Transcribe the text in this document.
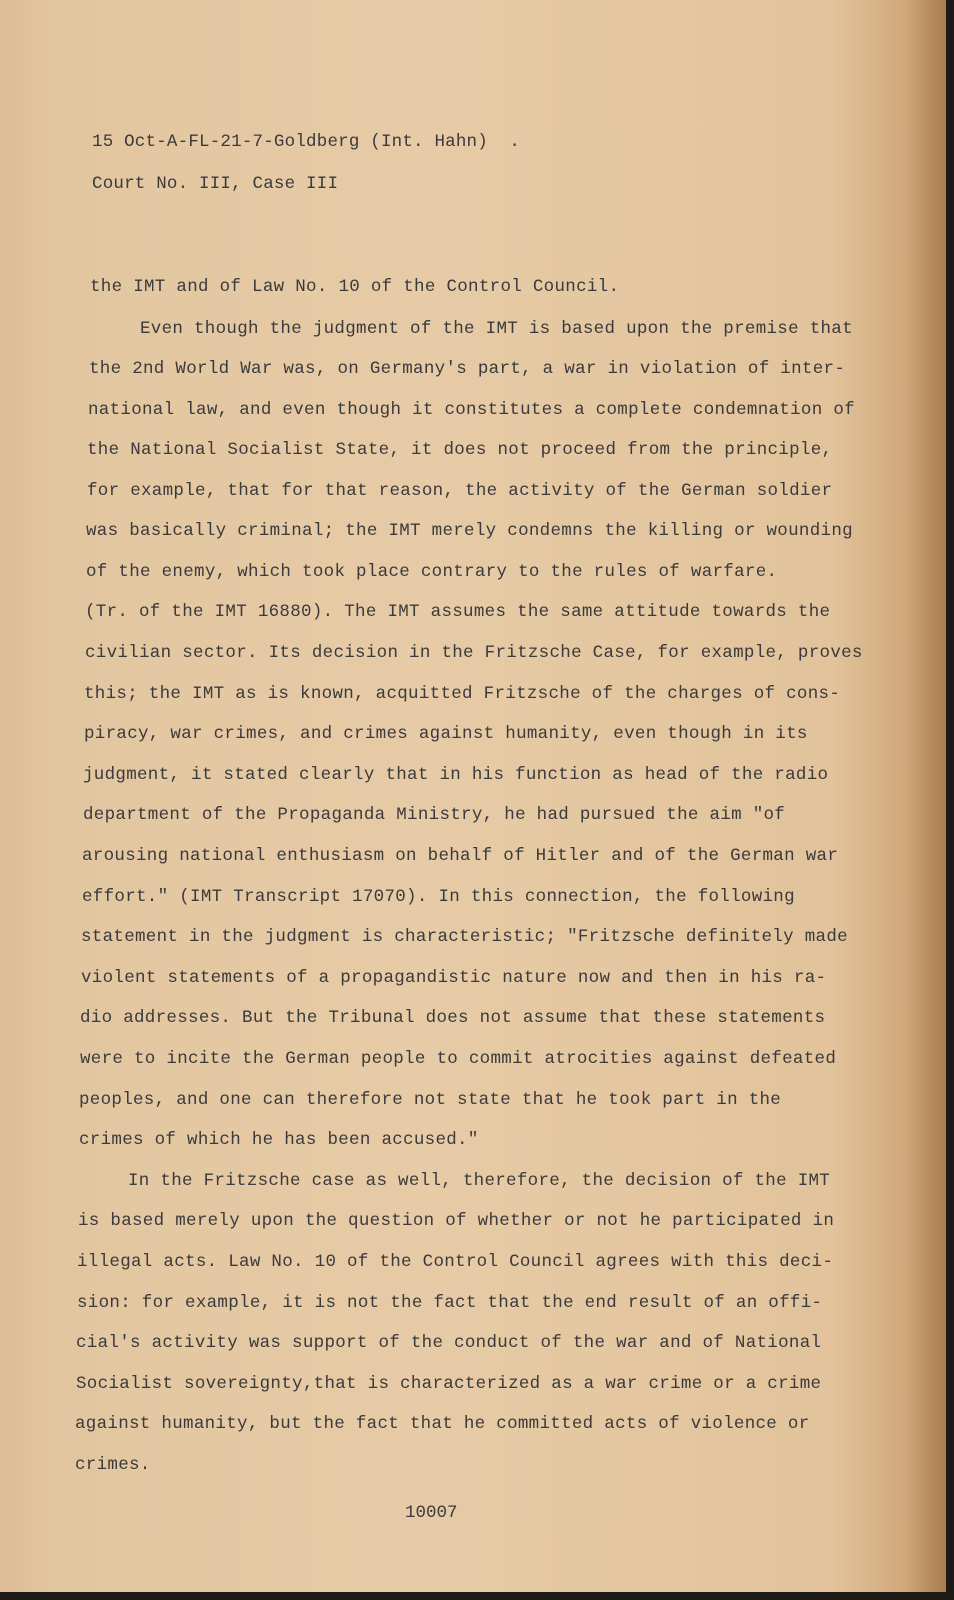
15 Oct-A-FL-21-7-Goldberg (Int. Hahn)  .
Court No. III, Case III
the IMT and of Law No. 10 of the Control Council.
Even though the judgment of the IMT is based upon the premise that
the 2nd World War was, on Germany's part, a war in violation of inter-
national law, and even though it constitutes a complete condemnation of
the National Socialist State, it does not proceed from the principle,
for example, that for that reason, the activity of the German soldier
was basically criminal; the IMT merely condemns the killing or wounding
of the enemy, which took place contrary to the rules of warfare.
(Tr. of the IMT 16880). The IMT assumes the same attitude towards the
civilian sector. Its decision in the Fritzsche Case, for example, proves
this; the IMT as is known, acquitted Fritzsche of the charges of cons-
piracy, war crimes, and crimes against humanity, even though in its
judgment, it stated clearly that in his function as head of the radio
department of the Propaganda Ministry, he had pursued the aim "of
arousing national enthusiasm on behalf of Hitler and of the German war
effort." (IMT Transcript 17070). In this connection, the following
statement in the judgment is characteristic; "Fritzsche definitely made
violent statements of a propagandistic nature now and then in his ra-
dio addresses. But the Tribunal does not assume that these statements
were to incite the German people to commit atrocities against defeated
peoples, and one can therefore not state that he took part in the
crimes of which he has been accused."
In the Fritzsche case as well, therefore, the decision of the IMT
is based merely upon the question of whether or not he participated in
illegal acts. Law No. 10 of the Control Council agrees with this deci-
sion: for example, it is not the fact that the end result of an offi-
cial's activity was support of the conduct of the war and of National
Socialist sovereignty,that is characterized as a war crime or a crime
against humanity, but the fact that he committed acts of violence or
crimes.
10007
